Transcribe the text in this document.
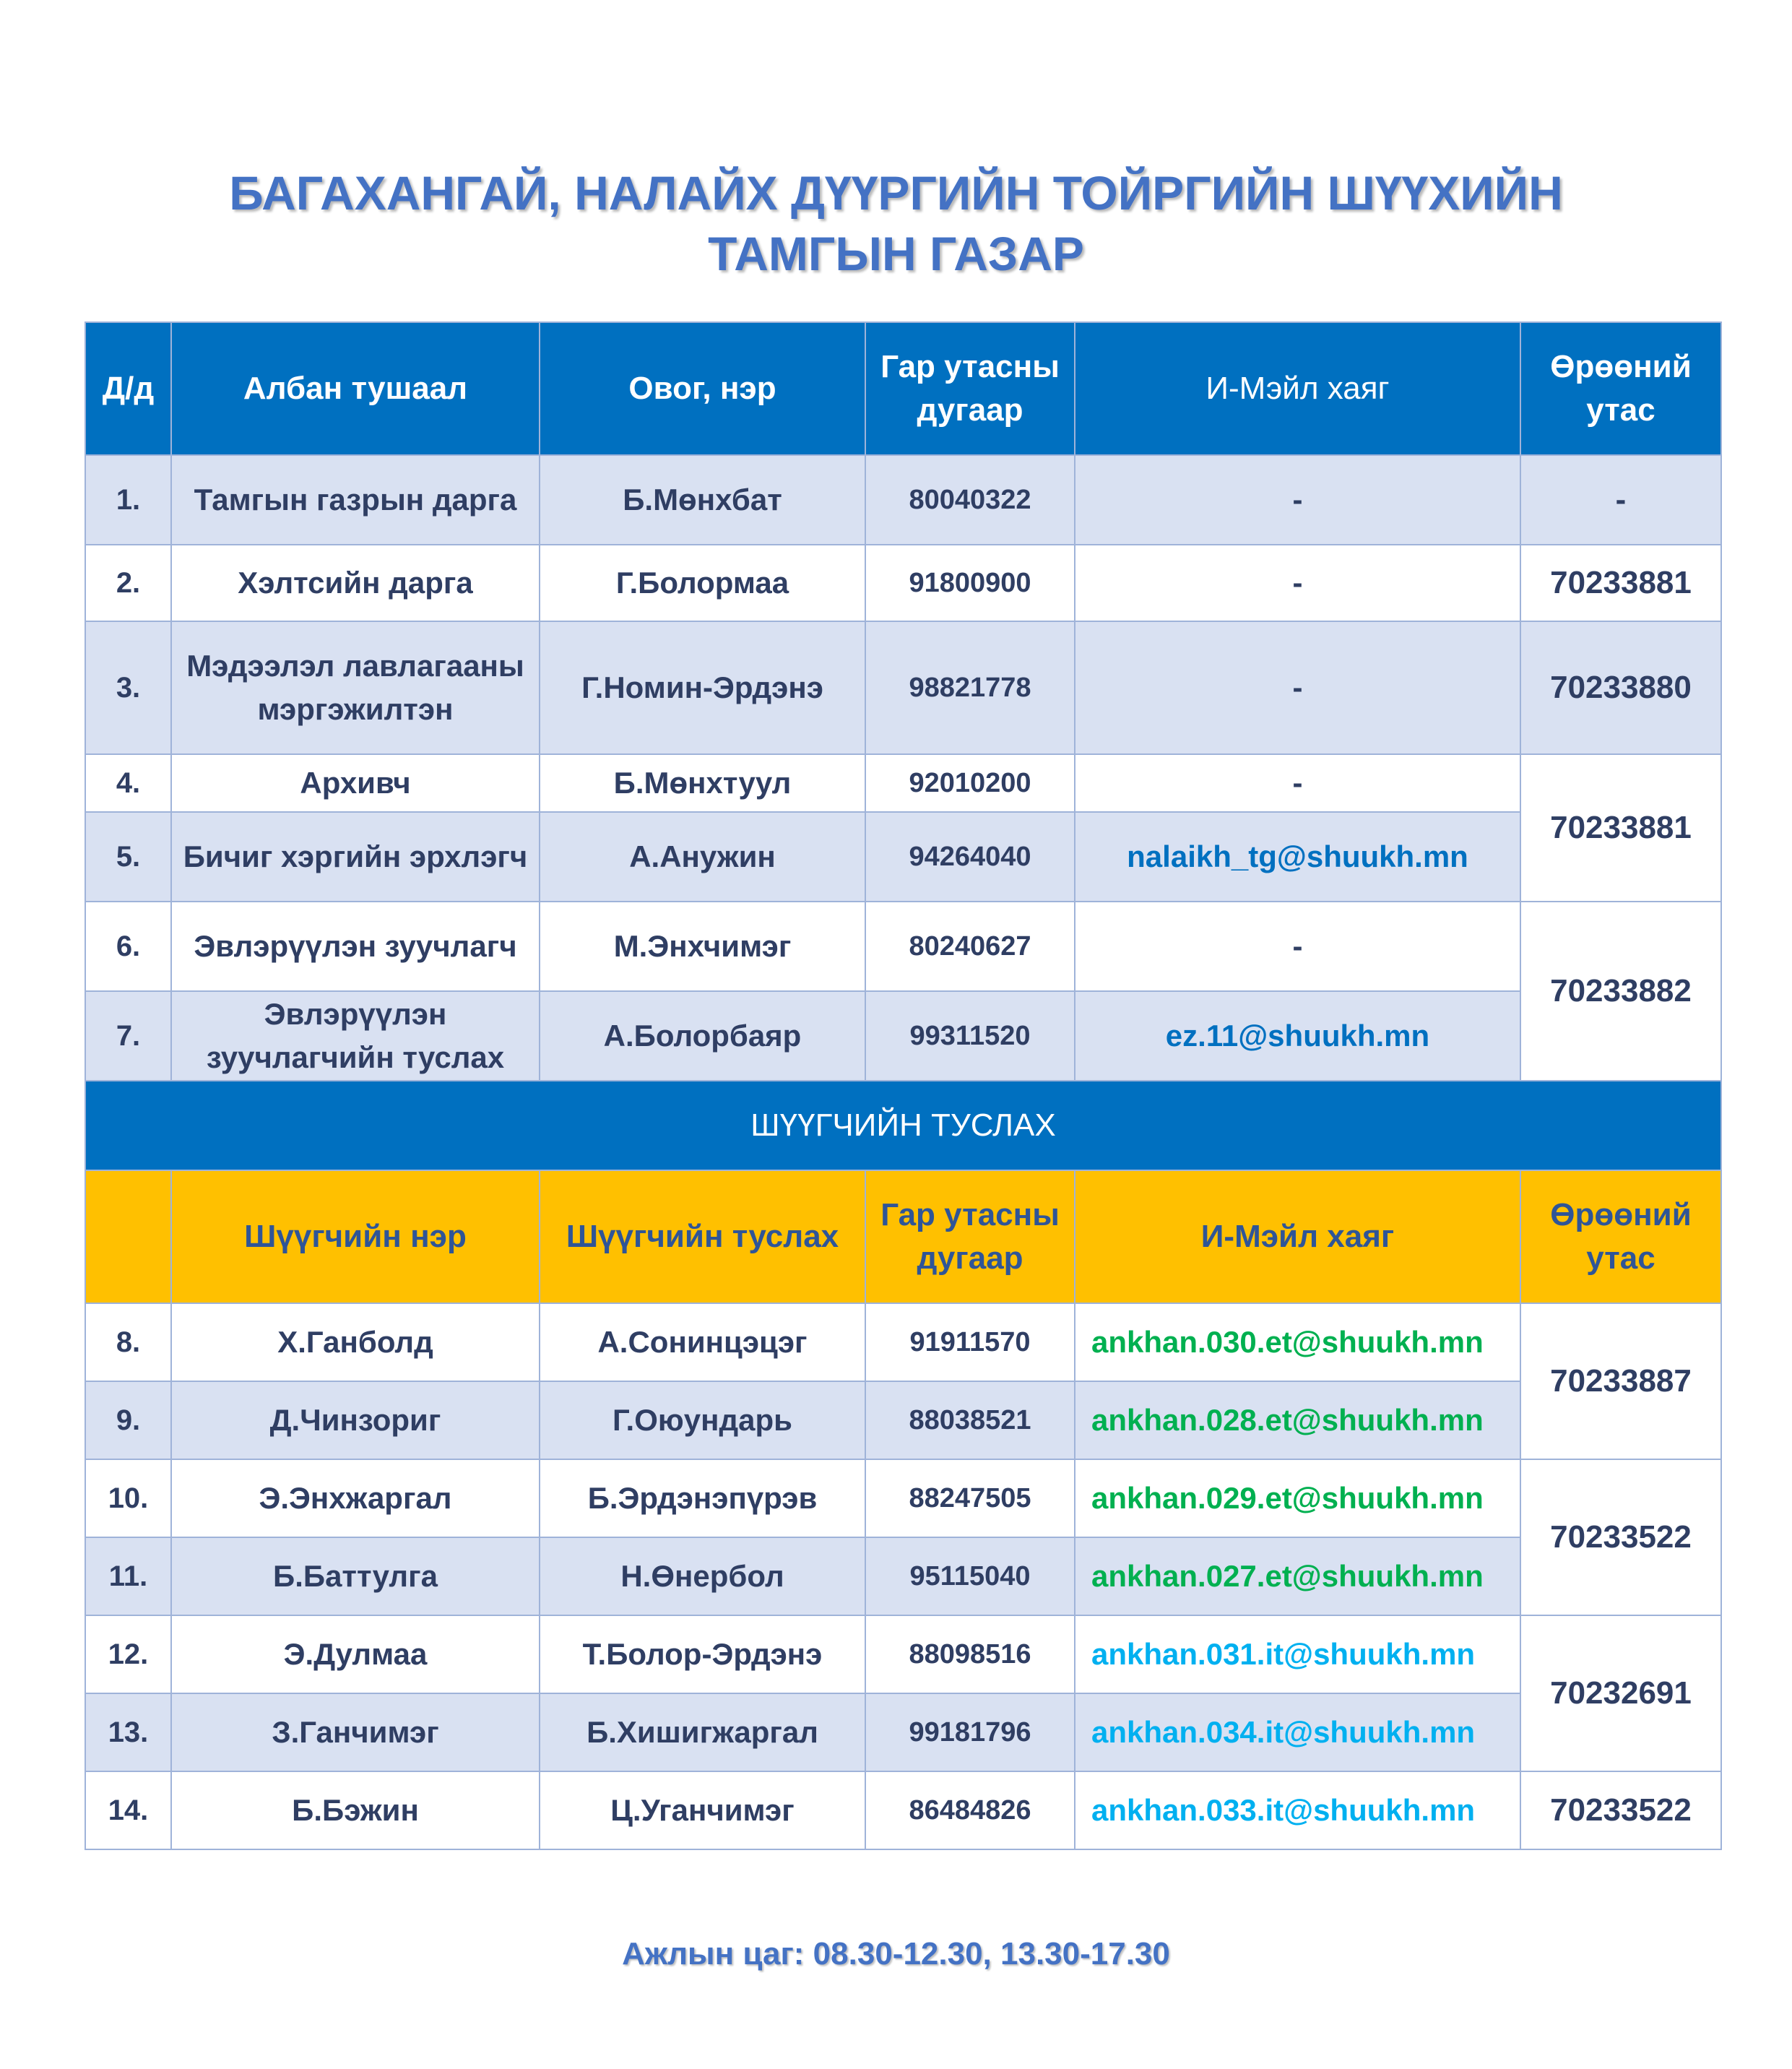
БАГАХАНГАЙ, НАЛАЙХ ДҮҮРГИЙН ТОЙРГИЙН ШҮҮХИЙН
ТАМГЫН ГАЗАР
Д/д	Албан тушаал	Овог, нэр	Гар утасны дугаар	И-Мэйл хаяг	Өрөөний утас
1.	Тамгын газрын дарга	Б.Мөнхбат	80040322	-	-
2.	Хэлтсийн дарга	Г.Болормаа	91800900	-	70233881
3.	Мэдээлэл лавлагааны мэргэжилтэн	Г.Номин-Эрдэнэ	98821778	-	70233880
4.	Архивч	Б.Мөнхтуул	92010200	-	70233881
5.	Бичиг хэргийн эрхлэгч	А.Анужин	94264040	nalaikh_tg@shuukh.mn	
6.	Эвлэрүүлэн зуучлагч	М.Энхчимэг	80240627	-	70233882
7.	Эвлэрүүлэн зуучлагчийн туслах	А.Болорбаяр	99311520	ez.11@shuukh.mn	
ШҮҮГЧИЙН ТУСЛАХ					
	Шүүгчийн нэр	Шүүгчийн туслах	Гар утасны дугаар	И-Мэйл хаяг	Өрөөний утас
8.	Х.Ганболд	А.Сонинцэцэг	91911570	ankhan.030.et@shuukh.mn	70233887
9.	Д.Чинзориг	Г.Оюундарь	88038521	ankhan.028.et@shuukh.mn	
10.	Э.Энхжаргал	Б.Эрдэнэпүрэв	88247505	ankhan.029.et@shuukh.mn	70233522
11.	Б.Баттулга	Н.Өнербол	95115040	ankhan.027.et@shuukh.mn	
12.	Э.Дулмаа	Т.Болор-Эрдэнэ	88098516	ankhan.031.it@shuukh.mn	70232691
13.	З.Ганчимэг	Б.Хишигжаргал	99181796	ankhan.034.it@shuukh.mn	
14.	Б.Бэжин	Ц.Уганчимэг	86484826	ankhan.033.it@shuukh.mn	70233522
Ажлын цаг: 08.30-12.30, 13.30-17.30
